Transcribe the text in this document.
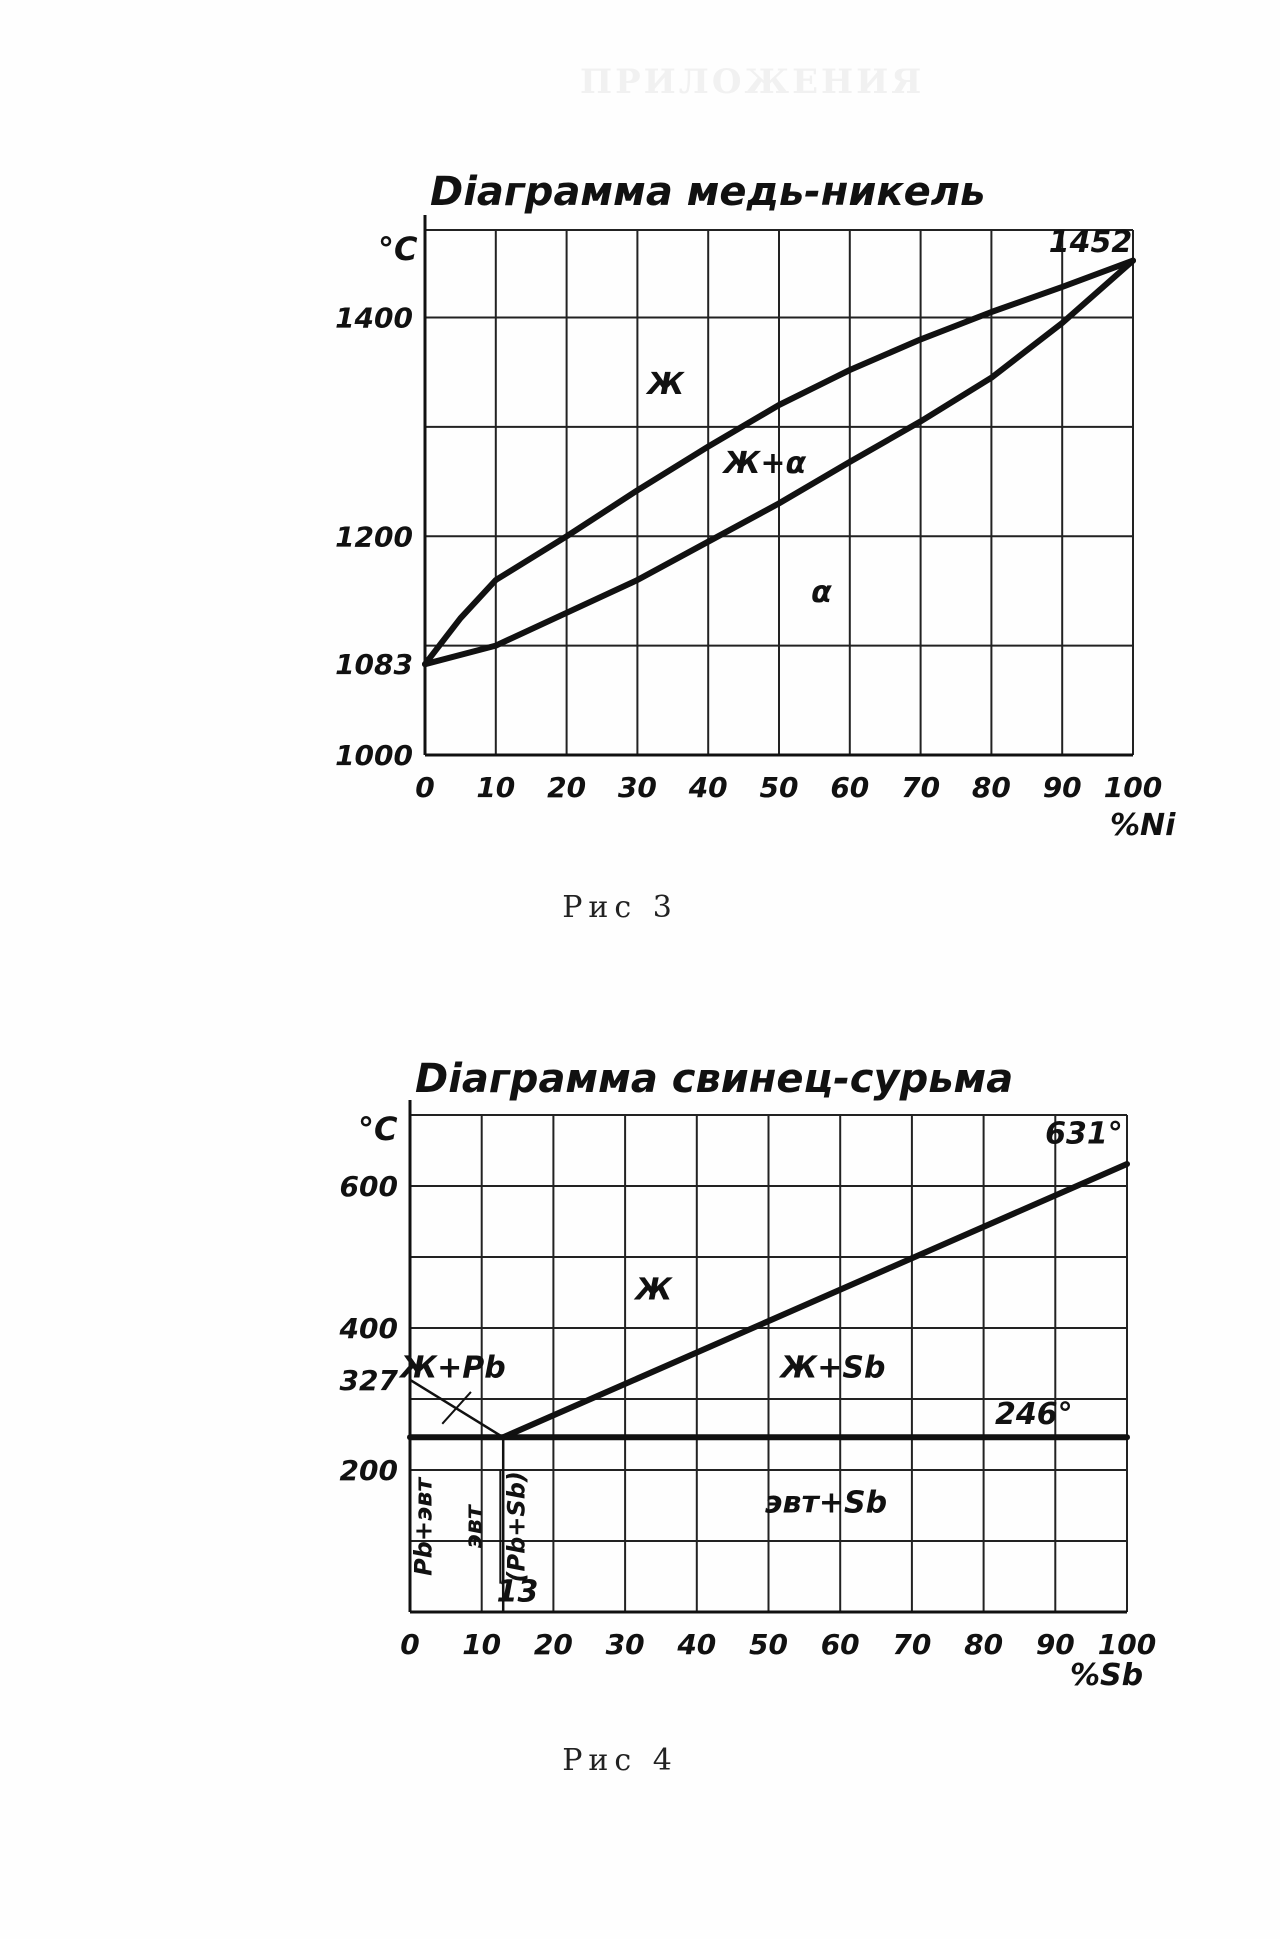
ПРИЛОЖЕНИЯ
Diaграмма медь-никель
°C
%Ni
0 10 20 30 40 50 60 70 80 90 100
1000
1083
1200
1400
1452
Ж
Ж+α
α
Рис 3
Diaграмма свинец-сурьма
°C
%Sb
0 10 20 30 40 50 60 70 80 90 100
200
327
400
600
631°
246°
Ж
Ж+Pb	Ж+Sb
эвт+Sb
Pb+эвт эвт (Pb+Sb)
13
Рис 4
